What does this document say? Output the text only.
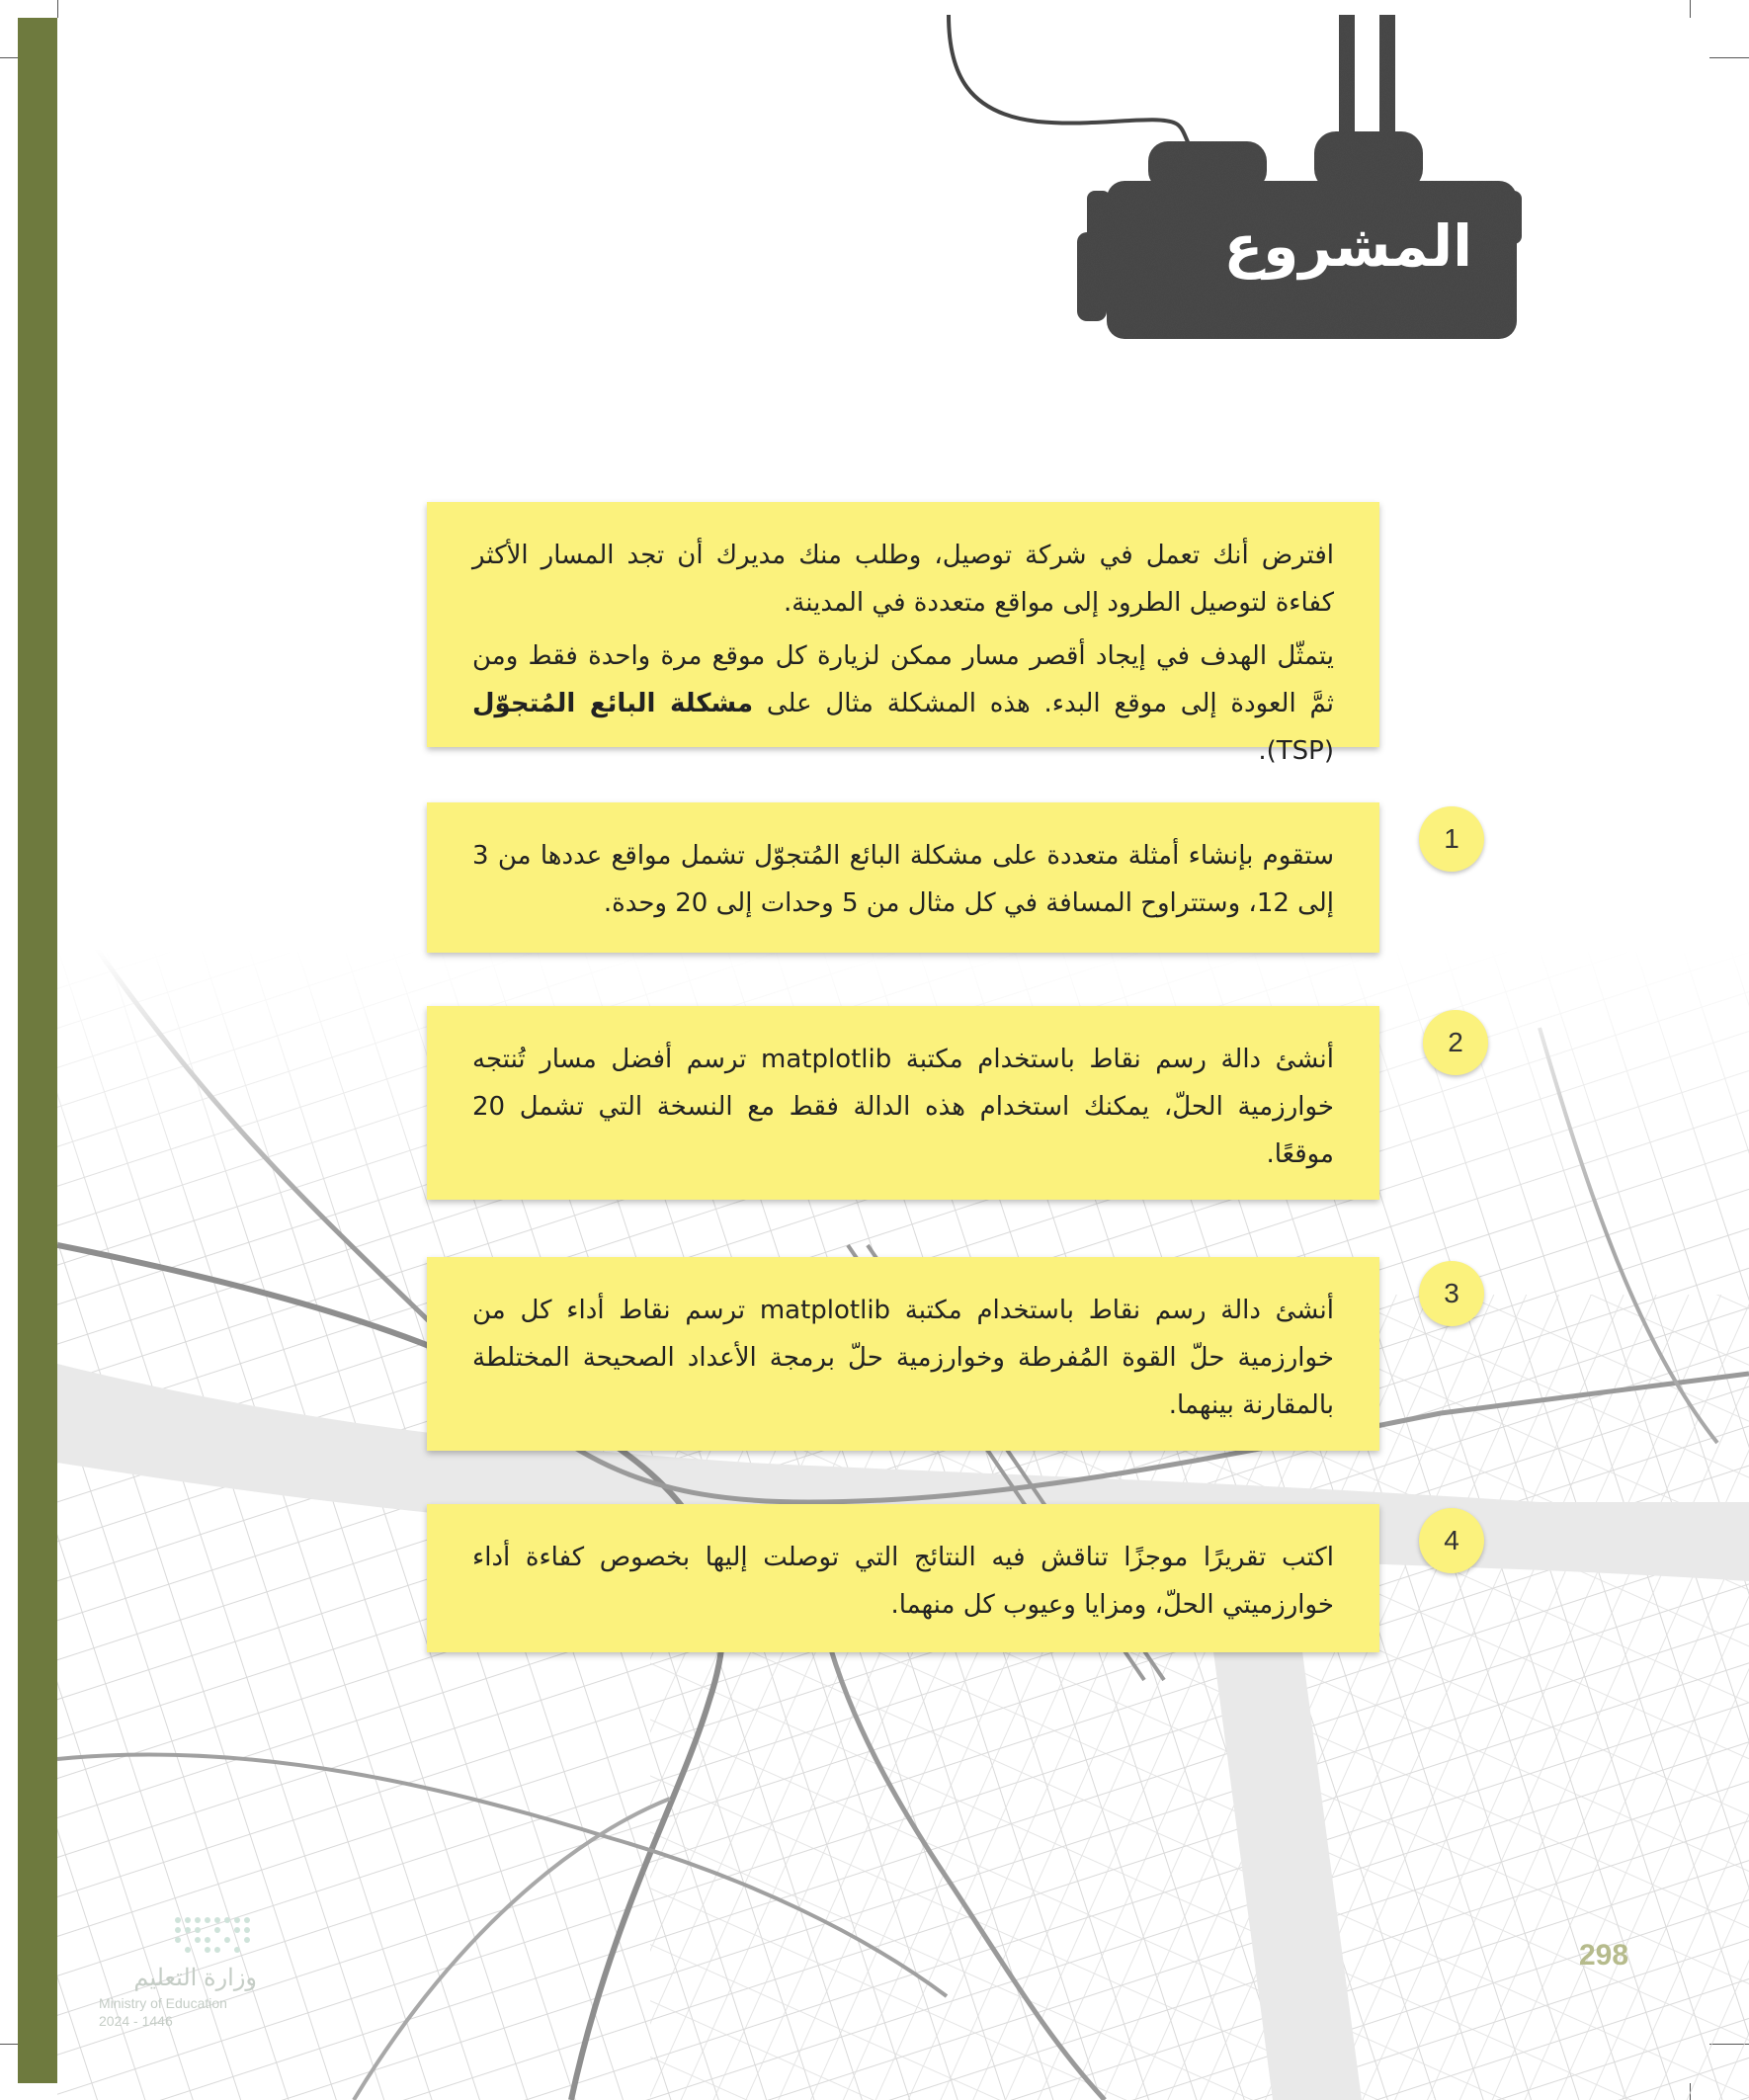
المشروع

افترض أنك تعمل في شركة توصيل، وطلب منك مديرك أن تجد المسار الأكثر كفاءة لتوصيل الطرود إلى مواقع متعددة في المدينة.

يتمثّل الهدف في إيجاد أقصر مسار ممكن لزيارة كل موقع مرة واحدة فقط ومن ثمَّ العودة إلى موقع البدء. هذه المشكلة مثال على مشكلة البائع المُتجوّل (TSP).

1

ستقوم بإنشاء أمثلة متعددة على مشكلة البائع المُتجوّل تشمل مواقع عددها من 3 إلى 12، وستتراوح المسافة في كل مثال من 5 وحدات إلى 20 وحدة.

2

أنشئ دالة رسم نقاط باستخدام مكتبة matplotlib ترسم أفضل مسار تُنتجه خوارزمية الحلّ، يمكنك استخدام هذه الدالة فقط مع النسخة التي تشمل 20 موقعًا.

3

أنشئ دالة رسم نقاط باستخدام مكتبة matplotlib ترسم نقاط أداء كل من خوارزمية حلّ القوة المُفرطة وخوارزمية حلّ برمجة الأعداد الصحيحة المختلطة بالمقارنة بينهما.

4

اكتب تقريرًا موجزًا تناقش فيه النتائج التي توصلت إليها بخصوص كفاءة أداء خوارزميتي الحلّ، ومزايا وعيوب كل منهما.

وزارة التعليم
Ministry of Education
2024 - 1446
298
